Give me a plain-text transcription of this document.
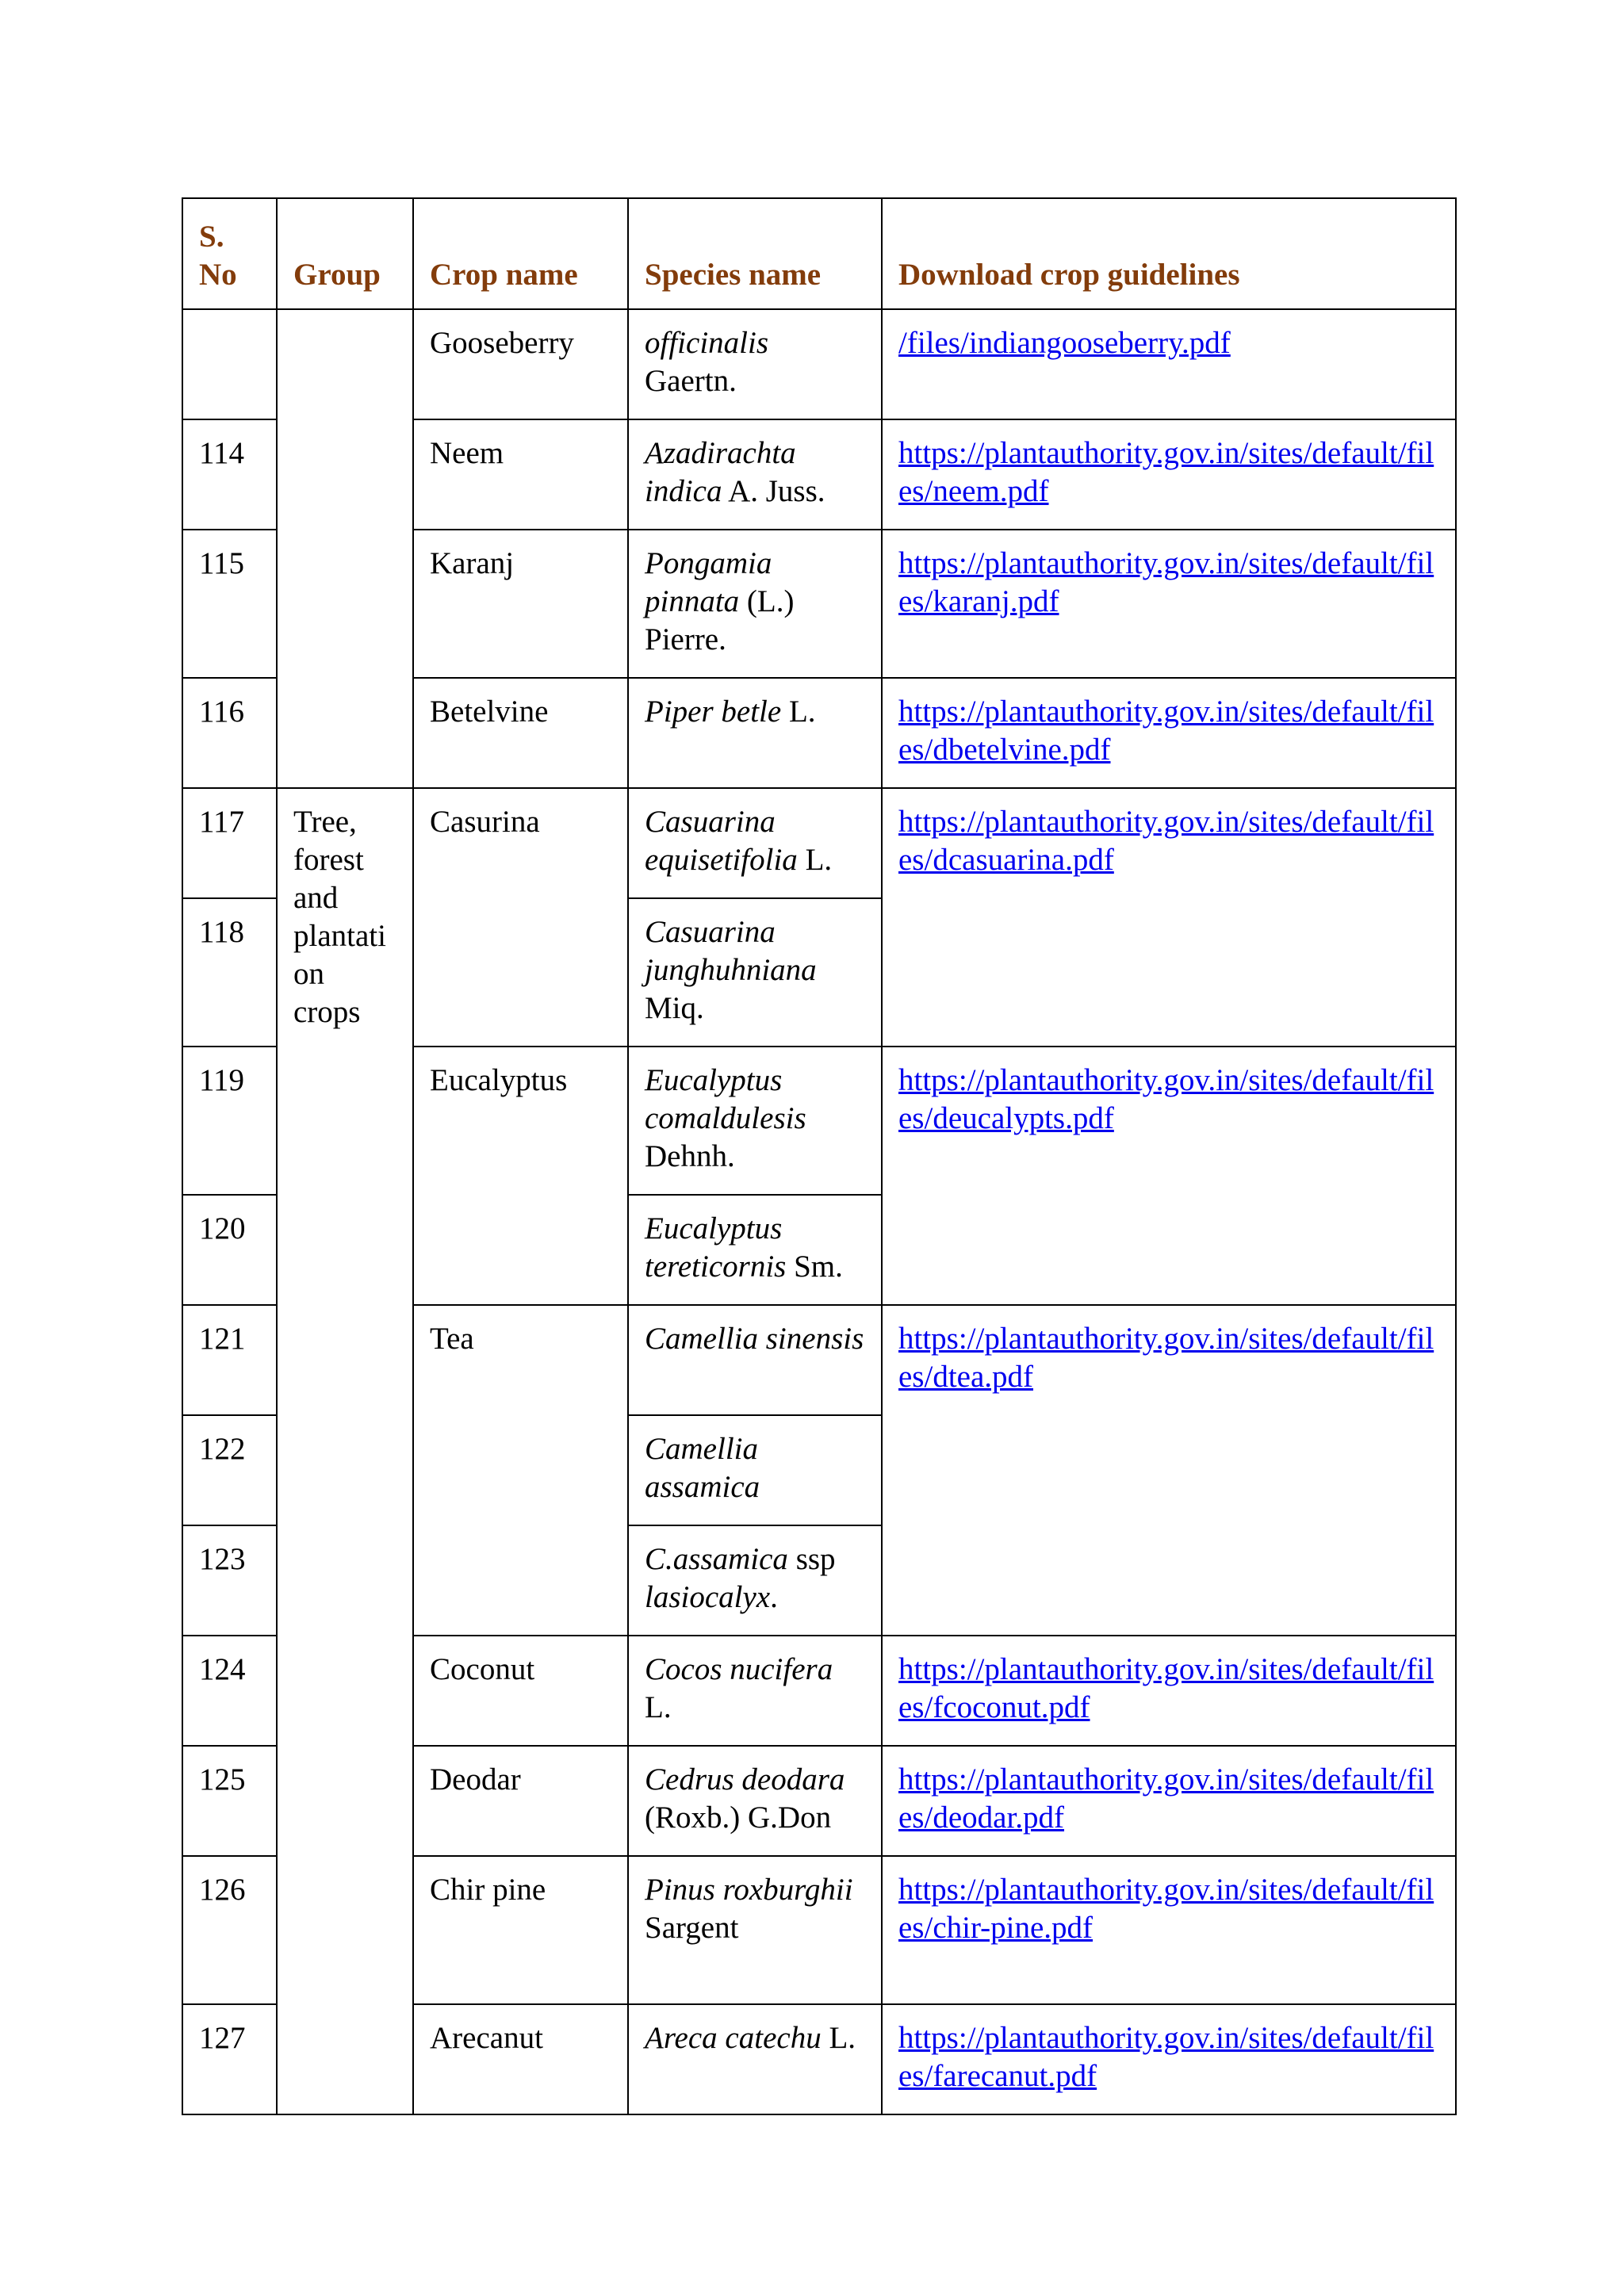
S. No	Group	Crop name	Species name	Download crop guidelines
		Gooseberry	officinalis Gaertn.	/files/indiangooseberry.pdf
114		Neem	Azadirachta indica A. Juss.	https://plantauthority.gov.in/sites/default/files/neem.pdf
115		Karanj	Pongamia pinnata (L.) Pierre.	https://plantauthority.gov.in/sites/default/files/karanj.pdf
116		Betelvine	Piper betle L.	https://plantauthority.gov.in/sites/default/files/dbetelvine.pdf
117	Tree, forest and plantati on crops	Casurina	Casuarina equisetifolia L.	https://plantauthority.gov.in/sites/default/files/dcasuarina.pdf
118			Casuarina junghuhniana Miq.	
119		Eucalyptus	Eucalyptus comaldulesis Dehnh.	https://plantauthority.gov.in/sites/default/files/deucalypts.pdf
120			Eucalyptus tereticornis Sm.	
121		Tea	Camellia sinensis	https://plantauthority.gov.in/sites/default/files/dtea.pdf
122			Camellia assamica	
123			C.assamica ssp lasiocalyx.	
124		Coconut	Cocos nucifera L.	https://plantauthority.gov.in/sites/default/files/fcoconut.pdf
125		Deodar	Cedrus deodara (Roxb.) G.Don	https://plantauthority.gov.in/sites/default/files/deodar.pdf
126		Chir pine	Pinus roxburghii Sargent	https://plantauthority.gov.in/sites/default/files/chir-pine.pdf
127		Arecanut	Areca catechu L.	https://plantauthority.gov.in/sites/default/files/farecanut.pdf
